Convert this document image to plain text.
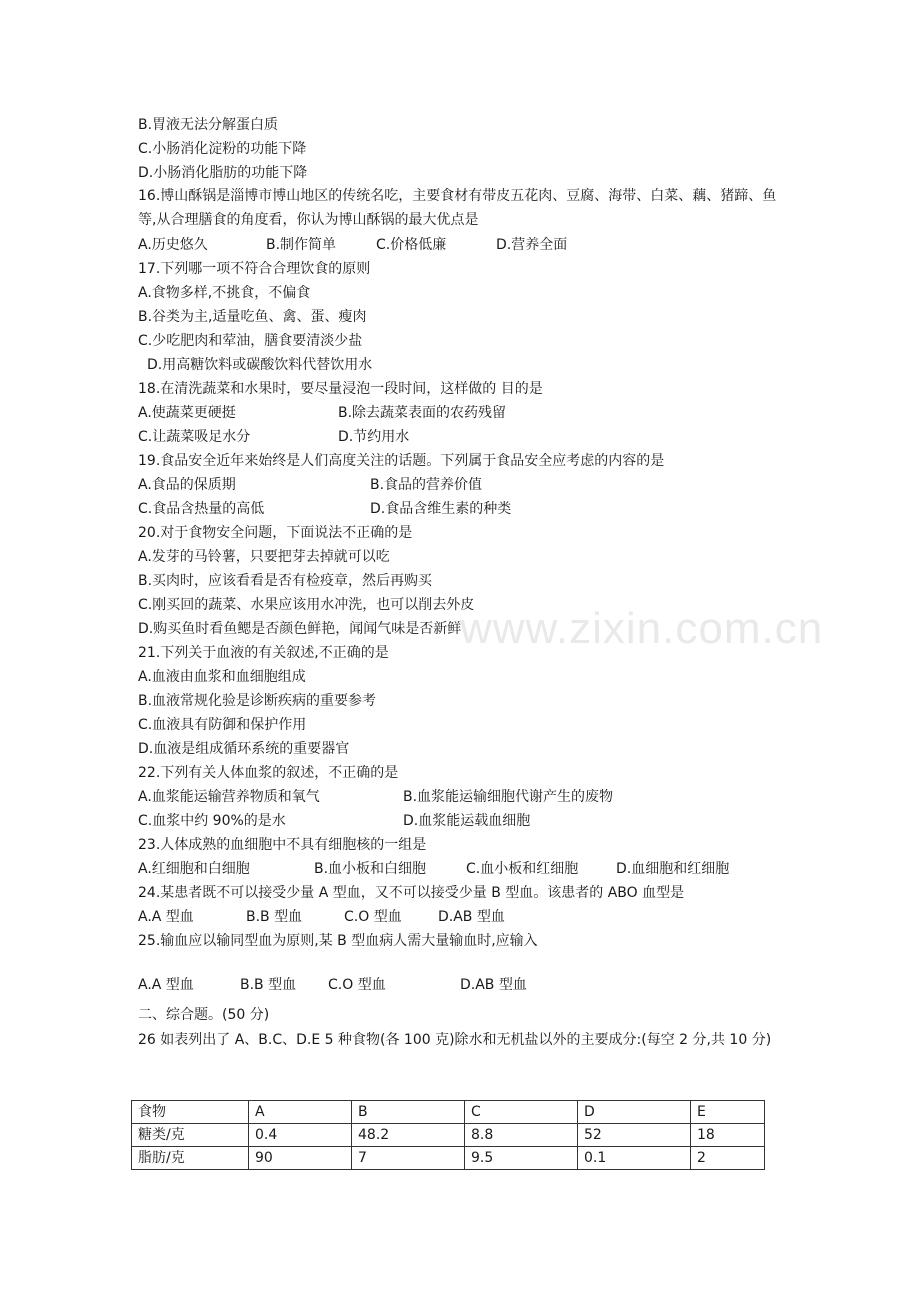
www.zixin.com.cn
B.胃液无法分解蛋白质
C.小肠消化淀粉的功能下降
D.小肠消化脂肪的功能下降
16.博山酥锅是淄博市博山地区的传统名吃，主要食材有带皮五花肉、豆腐、海带、白菜、藕、猪蹄、鱼等,从合理膳食的角度看，你认为博山酥锅的最大优点是
A.历史悠久	B.制作简单	C.价格低廉	D.营养全面
17.下列哪一项不符合合理饮食的原则
A.食物多样,不挑食，不偏食
B.谷类为主,适量吃鱼、禽、蛋、瘦肉
C.少吃肥肉和荤油，膳食要清淡少盐
D.用高糖饮料或碳酸饮料代替饮用水
18.在清洗蔬菜和水果时，要尽量浸泡一段时间，这样做的 目的是
A.使蔬菜更硬挺	B.除去蔬菜表面的农药残留
C.让蔬菜吸足水分	D.节约用水
19.食品安全近年来始终是人们高度关注的话题。下列属于食品安全应考虑的内容的是
A.食品的保质期	B.食品的营养价值
C.食品含热量的高低	D.食品含维生素的种类
20.对于食物安全问题，下面说法不正确的是
A.发芽的马铃薯，只要把芽去掉就可以吃
B.买肉时，应该看看是否有检疫章，然后再购买
C.刚买回的蔬菜、水果应该用水冲洗，也可以削去外皮
D.购买鱼时看鱼鳃是否颜色鲜艳，闻闻气味是否新鲜
21.下列关于血液的有关叙述,不正确的是
A.血液由血浆和血细胞组成
B.血液常规化验是诊断疾病的重要参考
C.血液具有防御和保护作用
D.血液是组成循环系统的重要器官
22.下列有关人体血浆的叙述，不正确的是
A.血浆能运输营养物质和氧气	B.血浆能运输细胞代谢产生的废物
C.血浆中约 90%的是水	D.血浆能运载血细胞
23.人体成熟的血细胞中不具有细胞核的一组是
A.红细胞和白细胞	B.血小板和白细胞	C.血小板和红细胞	D.血细胞和红细胞
24.某患者既不可以接受少量 A 型血，又不可以接受少量 B 型血。该患者的 ABO 血型是
A.A 型血	B.B 型血	C.O 型血	D.AB 型血
25.输血应以输同型血为原则,某 B 型血病人需大量输血时,应输入
A.A 型血	B.B 型血 C.O 型血	D.AB 型血
二、综合题。(50 分)
26 如表列出了 A、B.C、D.E 5 种食物(各 100 克)除水和无机盐以外的主要成分:(每空 2 分,共 10 分)
食物	A	B	C	D	E
糖类/克	0.4	48.2	8.8	52	18
脂肪/克	90	7	9.5	0.1	2
